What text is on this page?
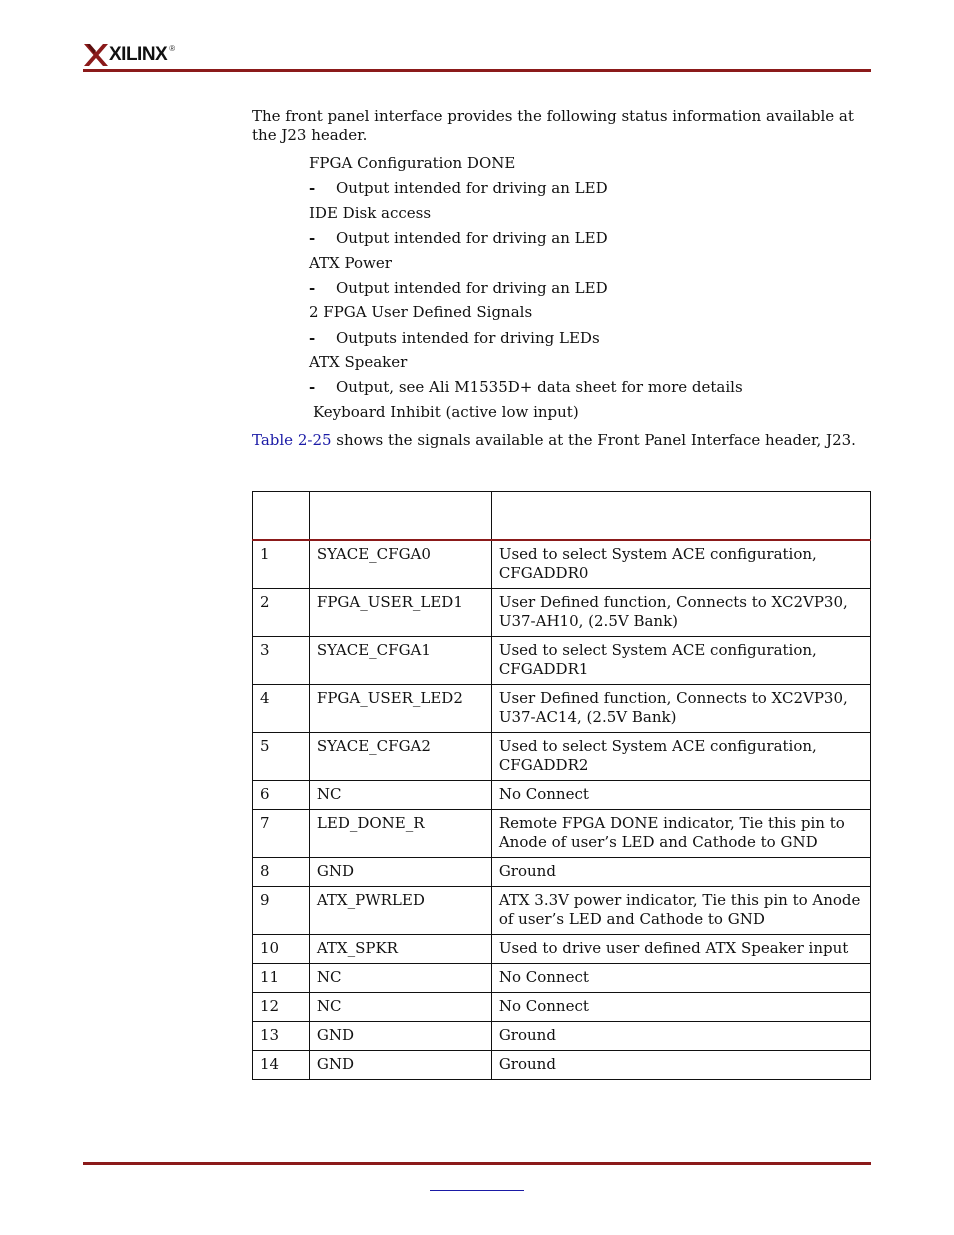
XILINX ®

The front panel interface provides the following status information available at the J23 header.

FPGA Configuration DONE
- Output intended for driving an LED
IDE Disk access
- Output intended for driving an LED
ATX Power
- Output intended for driving an LED
2 FPGA User Defined Signals
- Outputs intended for driving LEDs
ATX Speaker
- Output, see Ali M1535D+ data sheet for more details
Keyboard Inhibit (active low input)
Table 2-25 shows the signals available at the Front Panel Interface header, J23.

1	SYACE_CFGA0	Used to select System ACE configuration, CFGADDR0
2	FPGA_USER_LED1	User Defined function, Connects to XC2VP30, U37-AH10, (2.5V Bank)
3	SYACE_CFGA1	Used to select System ACE configuration, CFGADDR1
4	FPGA_USER_LED2	User Defined function, Connects to XC2VP30, U37-AC14, (2.5V Bank)
5	SYACE_CFGA2	Used to select System ACE configuration, CFGADDR2
6	NC	No Connect
7	LED_DONE_R	Remote FPGA DONE indicator, Tie this pin to Anode of user’s LED and Cathode to GND
8	GND	Ground
9	ATX_PWRLED	ATX 3.3V power indicator, Tie this pin to Anode of user’s LED and Cathode to GND
10	ATX_SPKR	Used to drive user defined ATX Speaker input
11	NC	No Connect
12	NC	No Connect
13	GND	Ground
14	GND	Ground
